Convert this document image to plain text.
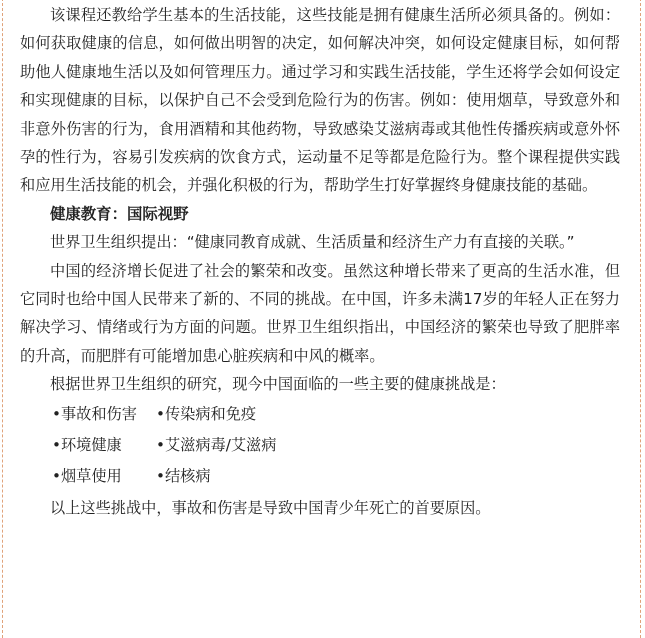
该课程还教给学生基本的生活技能，这些技能是拥有健康生活所必须具备的。例如：如何获取健康的信息，如何做出明智的决定，如何解决冲突，如何设定健康目标，如何帮助他人健康地生活以及如何管理压力。通过学习和实践生活技能，学生还将学会如何设定和实现健康的目标，以保护自己不会受到危险行为的伤害。例如：使用烟草，导致意外和非意外伤害的行为，食用酒精和其他药物，导致感染艾滋病毒或其他性传播疾病或意外怀孕的性行为，容易引发疾病的饮食方式，运动量不足等都是危险行为。整个课程提供实践和应用生活技能的机会，并强化积极的行为，帮助学生打好掌握终身健康技能的基础。

健康教育：国际视野

世界卫生组织提出：“健康同教育成就、生活质量和经济生产力有直接的关联。”

中国的经济增长促进了社会的繁荣和改变。虽然这种增长带来了更高的生活水准，但它同时也给中国人民带来了新的、不同的挑战。在中国，许多未满17岁的年轻人正在努力解决学习、情绪或行为方面的问题。世界卫生组织指出，中国经济的繁荣也导致了肥胖率的升高，而肥胖有可能增加患心脏疾病和中风的概率。

根据世界卫生组织的研究，现今中国面临的一些主要的健康挑战是：

•事故和伤害	•传染病和免疫
•环境健康	•艾滋病毒/艾滋病
•烟草使用	•结核病

以上这些挑战中，事故和伤害是导致中国青少年死亡的首要原因。
